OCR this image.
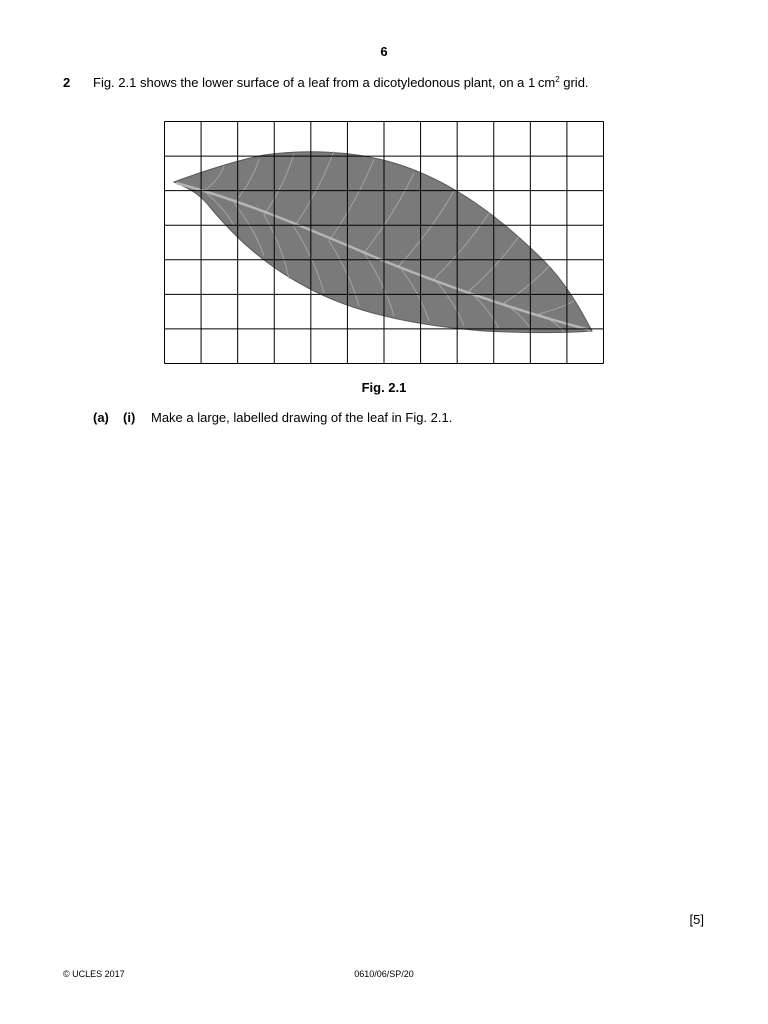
6
2 Fig. 2.1 shows the lower surface of a leaf from a dicotyledonous plant, on a 1 $cm^2$ grid.
Fig. 2.1
(a) (i) Make a large, labelled drawing of the leaf in Fig. 2.1.
[5]
© UCLES 2017	0610/06/SP/20
